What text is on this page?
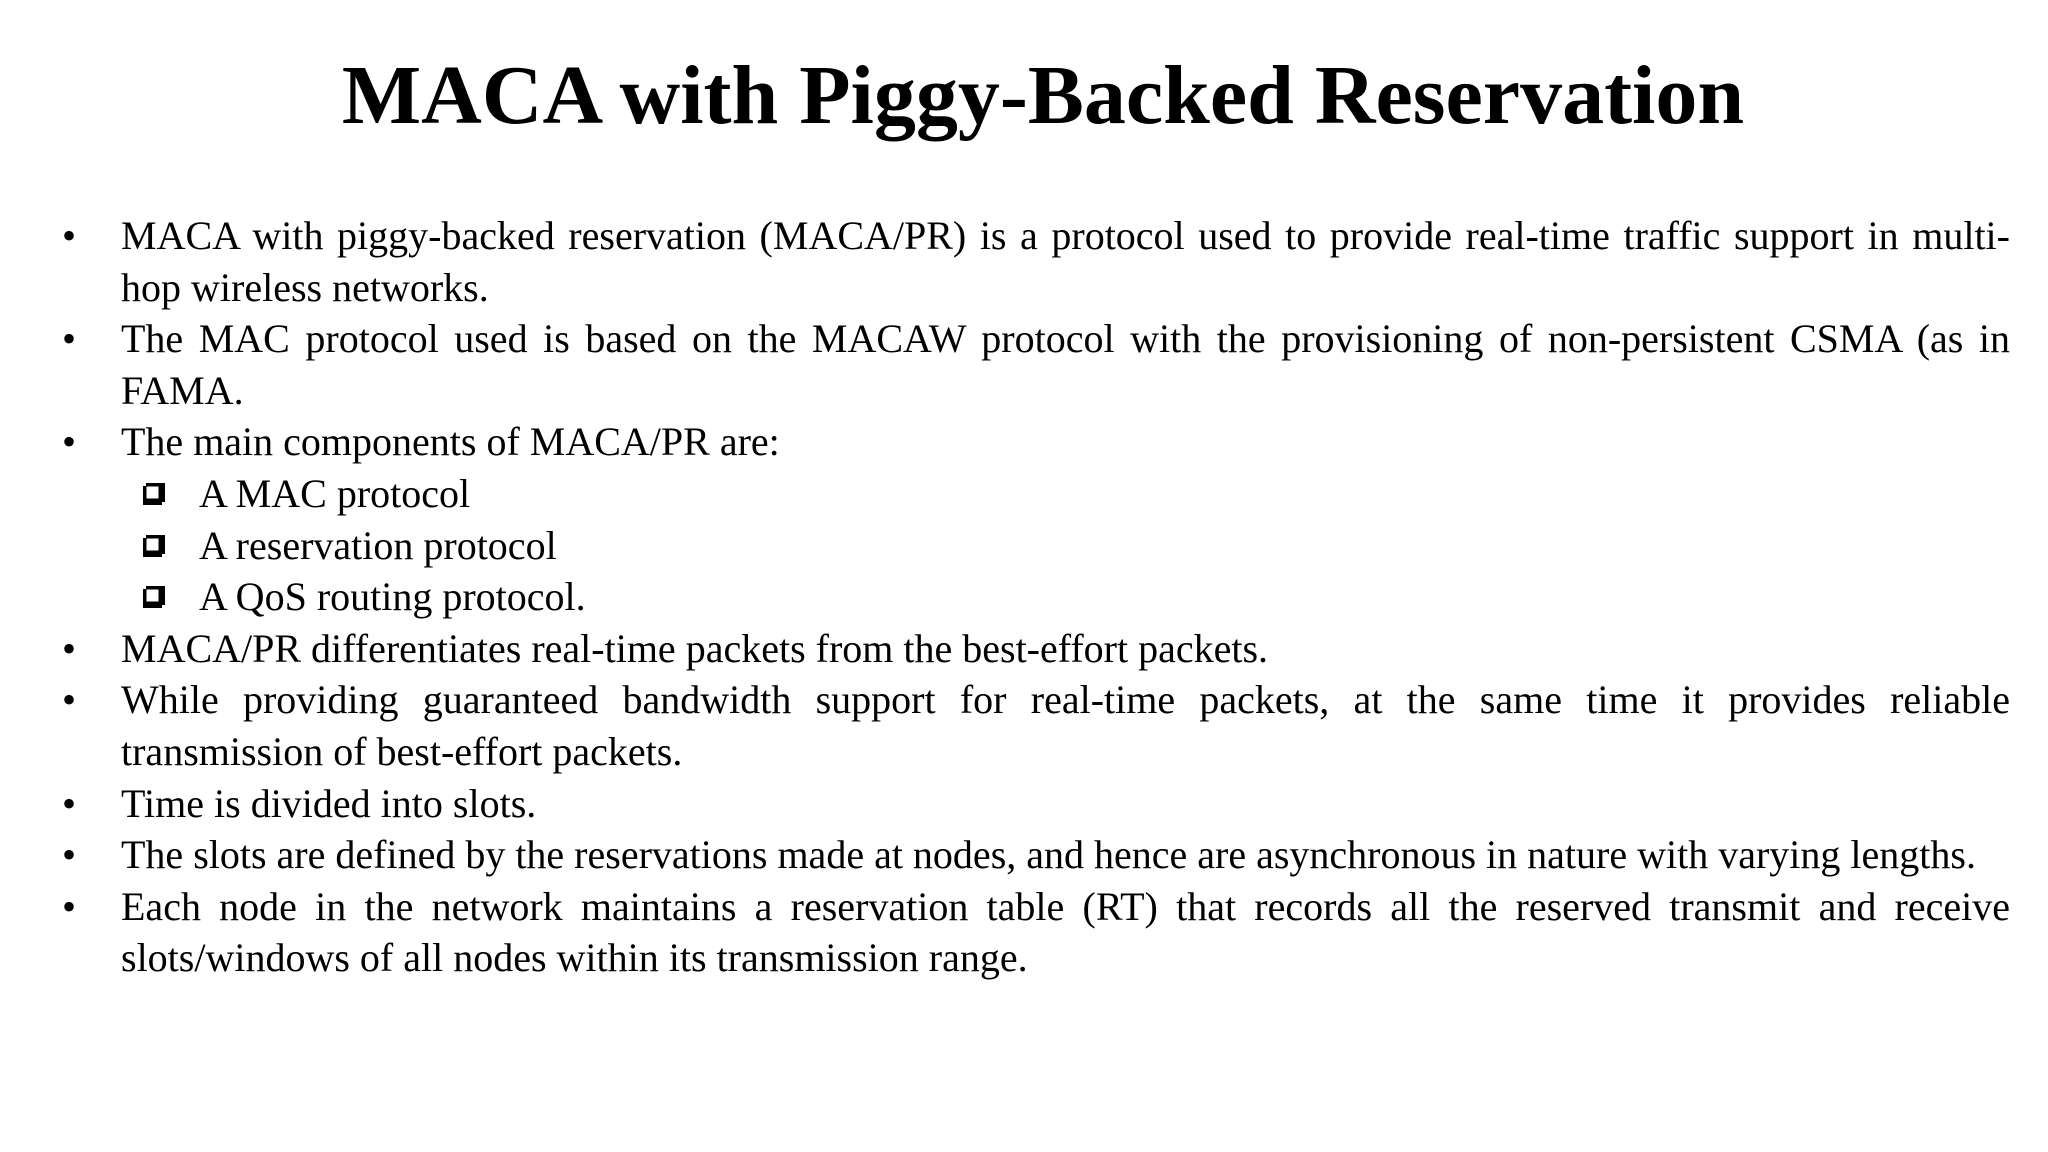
MACA with Piggy-Backed Reservation
• MACA with piggy-backed reservation (MACA/PR) is a protocol used to provide real-time traffic support in multi-hop wireless networks.
• The MAC protocol used is based on the MACAW protocol with the provisioning of non-persistent CSMA (as in FAMA.
• The main components of MACA/PR are:
A MAC protocol
A reservation protocol
A QoS routing protocol.
• MACA/PR differentiates real-time packets from the best-effort packets.
• While providing guaranteed bandwidth support for real-time packets, at the same time it provides reliable transmission of best-effort packets.
• Time is divided into slots.
• The slots are defined by the reservations made at nodes, and hence are asynchronous in nature with varying lengths.
• Each node in the network maintains a reservation table (RT) that records all the reserved transmit and receive slots/windows of all nodes within its transmission range.
